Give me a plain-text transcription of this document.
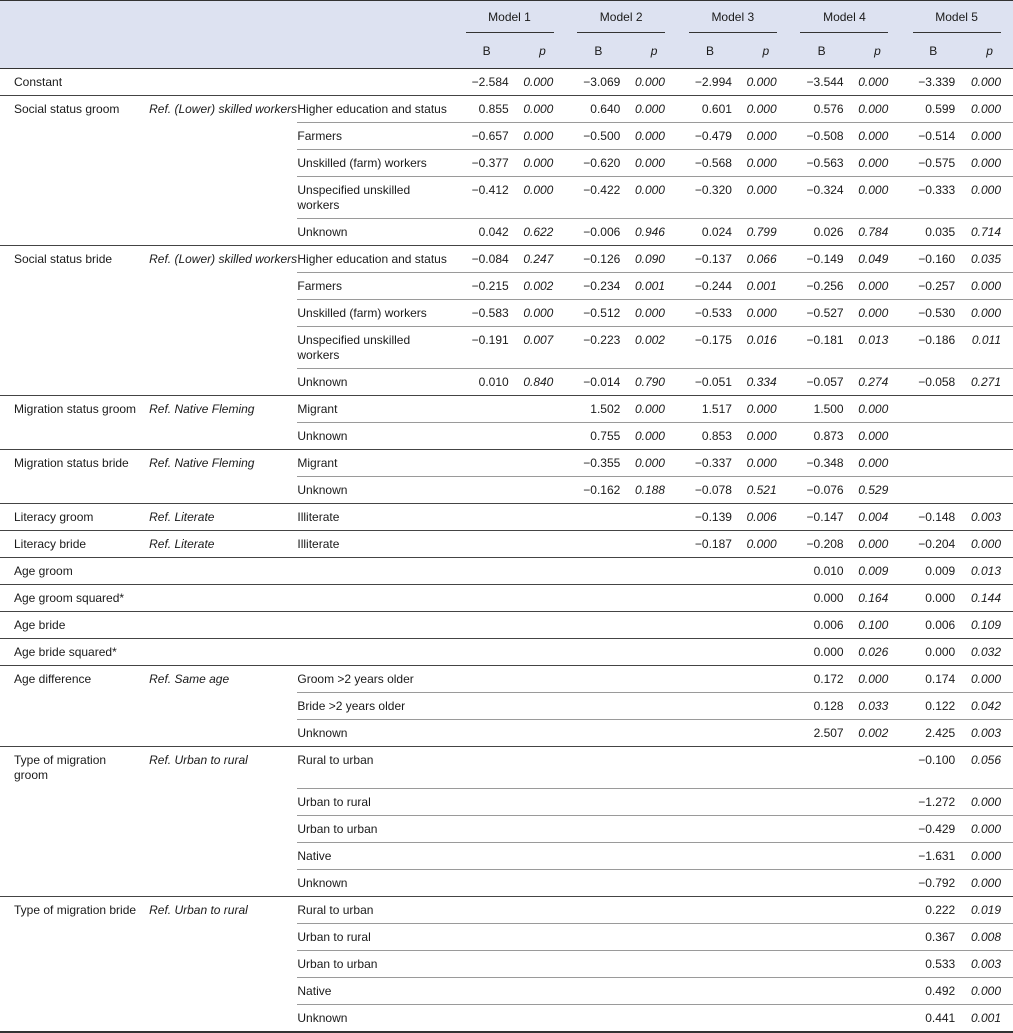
			Model 1		Model 2		Model 3		Model 4		Model 5	
			B	p	B	p	B	p	B	p	B	p
Constant			−2.584	0.000	−3.069	0.000	−2.994	0.000	−3.544	0.000	−3.339	0.000
Social status groom	Ref. (Lower) skilled workers	Higher education and status	0.855	0.000	0.640	0.000	0.601	0.000	0.576	0.000	0.599	0.000
		Farmers	−0.657	0.000	−0.500	0.000	−0.479	0.000	−0.508	0.000	−0.514	0.000
		Unskilled (farm) workers	−0.377	0.000	−0.620	0.000	−0.568	0.000	−0.563	0.000	−0.575	0.000
		Unspecified unskilled workers	−0.412	0.000	−0.422	0.000	−0.320	0.000	−0.324	0.000	−0.333	0.000
		Unknown	0.042	0.622	−0.006	0.946	0.024	0.799	0.026	0.784	0.035	0.714
Social status bride	Ref. (Lower) skilled workers	Higher education and status	−0.084	0.247	−0.126	0.090	−0.137	0.066	−0.149	0.049	−0.160	0.035
		Farmers	−0.215	0.002	−0.234	0.001	−0.244	0.001	−0.256	0.000	−0.257	0.000
		Unskilled (farm) workers	−0.583	0.000	−0.512	0.000	−0.533	0.000	−0.527	0.000	−0.530	0.000
		Unspecified unskilled workers	−0.191	0.007	−0.223	0.002	−0.175	0.016	−0.181	0.013	−0.186	0.011
		Unknown	0.010	0.840	−0.014	0.790	−0.051	0.334	−0.057	0.274	−0.058	0.271
Migration status groom	Ref. Native Fleming	Migrant			1.502	0.000	1.517	0.000	1.500	0.000		
		Unknown			0.755	0.000	0.853	0.000	0.873	0.000		
Migration status bride	Ref. Native Fleming	Migrant			−0.355	0.000	−0.337	0.000	−0.348	0.000		
		Unknown			−0.162	0.188	−0.078	0.521	−0.076	0.529		
Literacy groom	Ref. Literate	Illiterate					−0.139	0.006	−0.147	0.004	−0.148	0.003
Literacy bride	Ref. Literate	Illiterate					−0.187	0.000	−0.208	0.000	−0.204	0.000
Age groom									0.010	0.009	0.009	0.013
Age groom squared*									0.000	0.164	0.000	0.144
Age bride									0.006	0.100	0.006	0.109
Age bride squared*									0.000	0.026	0.000	0.032
Age difference	Ref. Same age	Groom >2 years older							0.172	0.000	0.174	0.000
		Bride >2 years older							0.128	0.033	0.122	0.042
		Unknown							2.507	0.002	2.425	0.003
Type of migration groom	Ref. Urban to rural	Rural to urban									−0.100	0.056
		Urban to rural									−1.272	0.000
		Urban to urban									−0.429	0.000
		Native									−1.631	0.000
		Unknown									−0.792	0.000
Type of migration bride	Ref. Urban to rural	Rural to urban									0.222	0.019
		Urban to rural									0.367	0.008
		Urban to urban									0.533	0.003
		Native									0.492	0.000
		Unknown									0.441	0.001
